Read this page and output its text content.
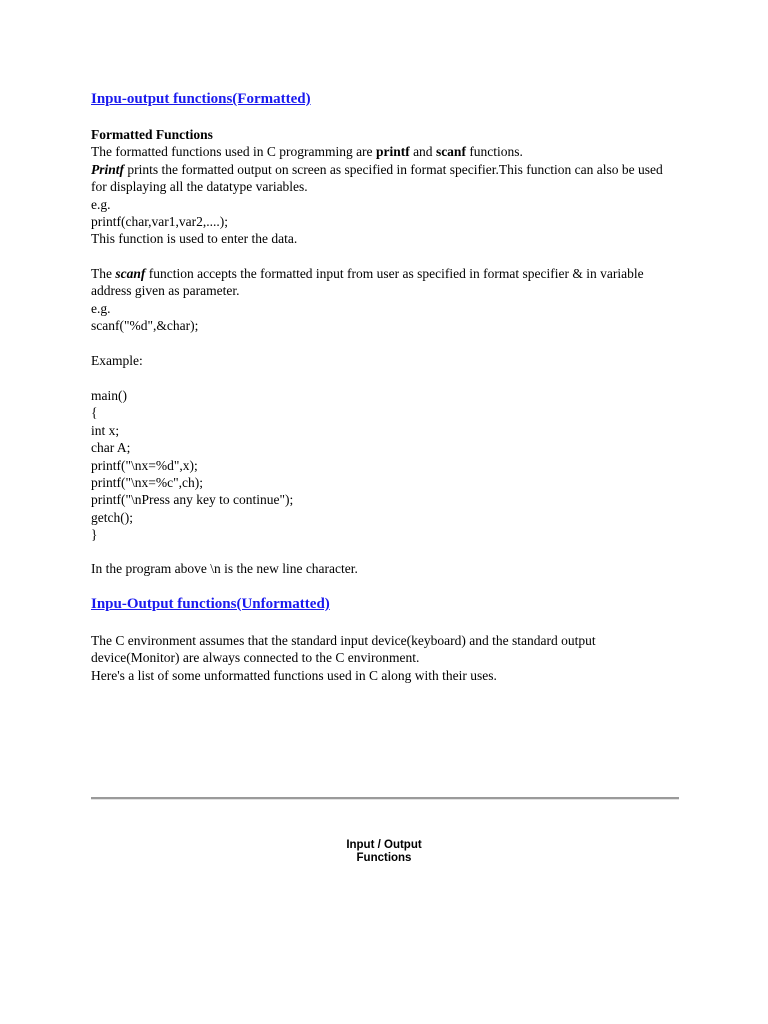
Inpu-output functions(Formatted)
Formatted Functions
The formatted functions used in C programming are printf and scanf functions.
Printf prints the formatted output on screen as specified in format specifier.This function can also be used for displaying all the datatype variables.
e.g.
printf(char,var1,var2,....);
This function is used to enter the data.
The scanf function accepts the formatted input from user as specified in format specifier & in variable address given as parameter.
e.g.
scanf("%d",&char);
Example:
main()
{
int x;
char A;
printf("\nx=%d",x);
printf("\nx=%c",ch);
printf("\nPress any key to continue");
getch();
}
In the program above \n is the new line character.
Inpu-Output functions(Unformatted)
The C environment assumes that the standard input device(keyboard) and the standard output device(Monitor) are always connected to the C environment.
Here's a list of some unformatted functions used in C along with their uses.
Input / Output
Functions
